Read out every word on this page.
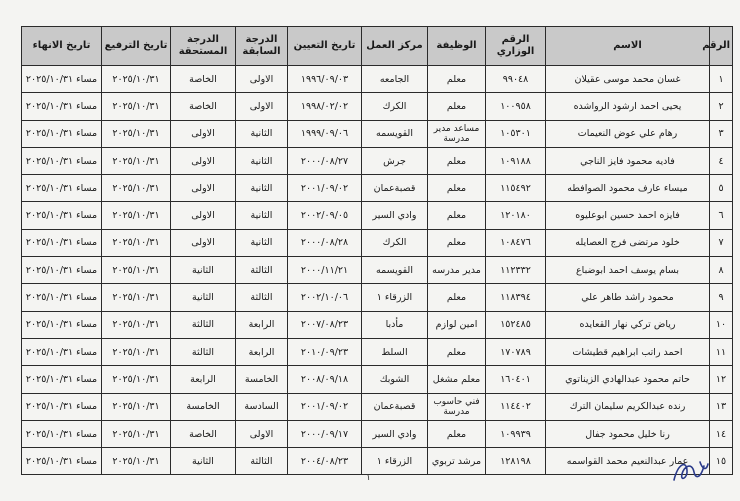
الرقم	الاسم	الرقم الوزاري	الوظيفة	مركز العمل	تاريخ التعيين	الدرجة السابقة	الدرجة المستحقة	تاريخ الترفيع	تاريخ الانهاء
١	غسان محمد موسى عقيلان	٩٩٠٤٨	معلم	الجامعه	١٩٩٦/٠٩/٠٣	الاولى	الخاصة	٢٠٢٥/١٠/٣١	مساء ٢٠٢٥/١٠/٣١
٢	يحيى احمد ارشود الرواشده	١٠٠٩٥٨	معلم	الكرك	١٩٩٨/٠٢/٠٢	الاولى	الخاصة	٢٠٢٥/١٠/٣١	مساء ٢٠٢٥/١٠/٣١
٣	رهام علي عوض النعيمات	١٠٥٣٠١	مساعد مدير مدرسة	القويسمه	١٩٩٩/٠٩/٠٦	الثانية	الاولى	٢٠٢٥/١٠/٣١	مساء ٢٠٢٥/١٠/٣١
٤	فاديه محمود فايز الناجي	١٠٩١٨٨	معلم	جرش	٢٠٠٠/٠٨/٢٧	الثانية	الاولى	٢٠٢٥/١٠/٣١	مساء ٢٠٢٥/١٠/٣١
٥	ميساء عارف محمود الصوافطه	١١٥٤٩٢	معلم	قصبةعمان	٢٠٠١/٠٩/٠٢	الثانية	الاولى	٢٠٢٥/١٠/٣١	مساء ٢٠٢٥/١٠/٣١
٦	فايزه احمد حسين ابوعليوه	١٢٠١٨٠	معلم	وادي السير	٢٠٠٢/٠٩/٠٥	الثانية	الاولى	٢٠٢٥/١٠/٣١	مساء ٢٠٢٥/١٠/٣١
٧	خلود مرتضى فرج العصايله	١٠٨٤٧٦	معلم	الكرك	٢٠٠٠/٠٨/٢٨	الثانية	الاولى	٢٠٢٥/١٠/٣١	مساء ٢٠٢٥/١٠/٣١
٨	بسام يوسف احمد ابوضباع	١١٢٣٣٢	مدير مدرسه	القويسمه	٢٠٠٠/١١/٢١	الثالثة	الثانية	٢٠٢٥/١٠/٣١	مساء ٢٠٢٥/١٠/٣١
٩	محمود راشد طاهر علي	١١٨٣٩٤	معلم	الزرقاء ١	٢٠٠٢/١٠/٠٦	الثالثة	الثانية	٢٠٢٥/١٠/٣١	مساء ٢٠٢٥/١٠/٣١
١٠	رياض تركي نهار القعايده	١٥٢٤٨٥	امين لوازم	مأدبا	٢٠٠٧/٠٨/٢٣	الرابعة	الثالثة	٢٠٢٥/١٠/٣١	مساء ٢٠٢٥/١٠/٣١
١١	احمد راتب ابراهيم قطيشات	١٧٠٧٨٩	معلم	السلط	٢٠١٠/٠٩/٢٣	الرابعة	الثالثة	٢٠٢٥/١٠/٣١	مساء ٢٠٢٥/١٠/٣١
١٢	حاتم محمود عبدالهادي الزيناتوي	١٦٠٤٠١	معلم مشغل	الشوبك	٢٠٠٨/٠٩/١٨	الخامسة	الرابعة	٢٠٢٥/١٠/٣١	مساء ٢٠٢٥/١٠/٣١
١٣	رنده عبدالكريم سليمان الترك	١١٤٤٠٢	فني حاسوب مدرسة	قصبةعمان	٢٠٠١/٠٩/٠٢	السادسة	الخامسة	٢٠٢٥/١٠/٣١	مساء ٢٠٢٥/١٠/٣١
١٤	رنا خليل محمود جفال	١٠٩٩٣٩	معلم	وادي السير	٢٠٠٠/٠٩/١٧	الاولى	الخاصة	٢٠٢٥/١٠/٣١	مساء ٢٠٢٥/١٠/٣١
١٥	عمار عبدالنعيم محمد القواسمه	١٢٨١٩٨	مرشد تربوي	الزرقاء ١	٢٠٠٤/٠٨/٢٣	الثالثة	الثانية	٢٠٢٥/١٠/٣١	مساء ٢٠٢٥/١٠/٣١
١
